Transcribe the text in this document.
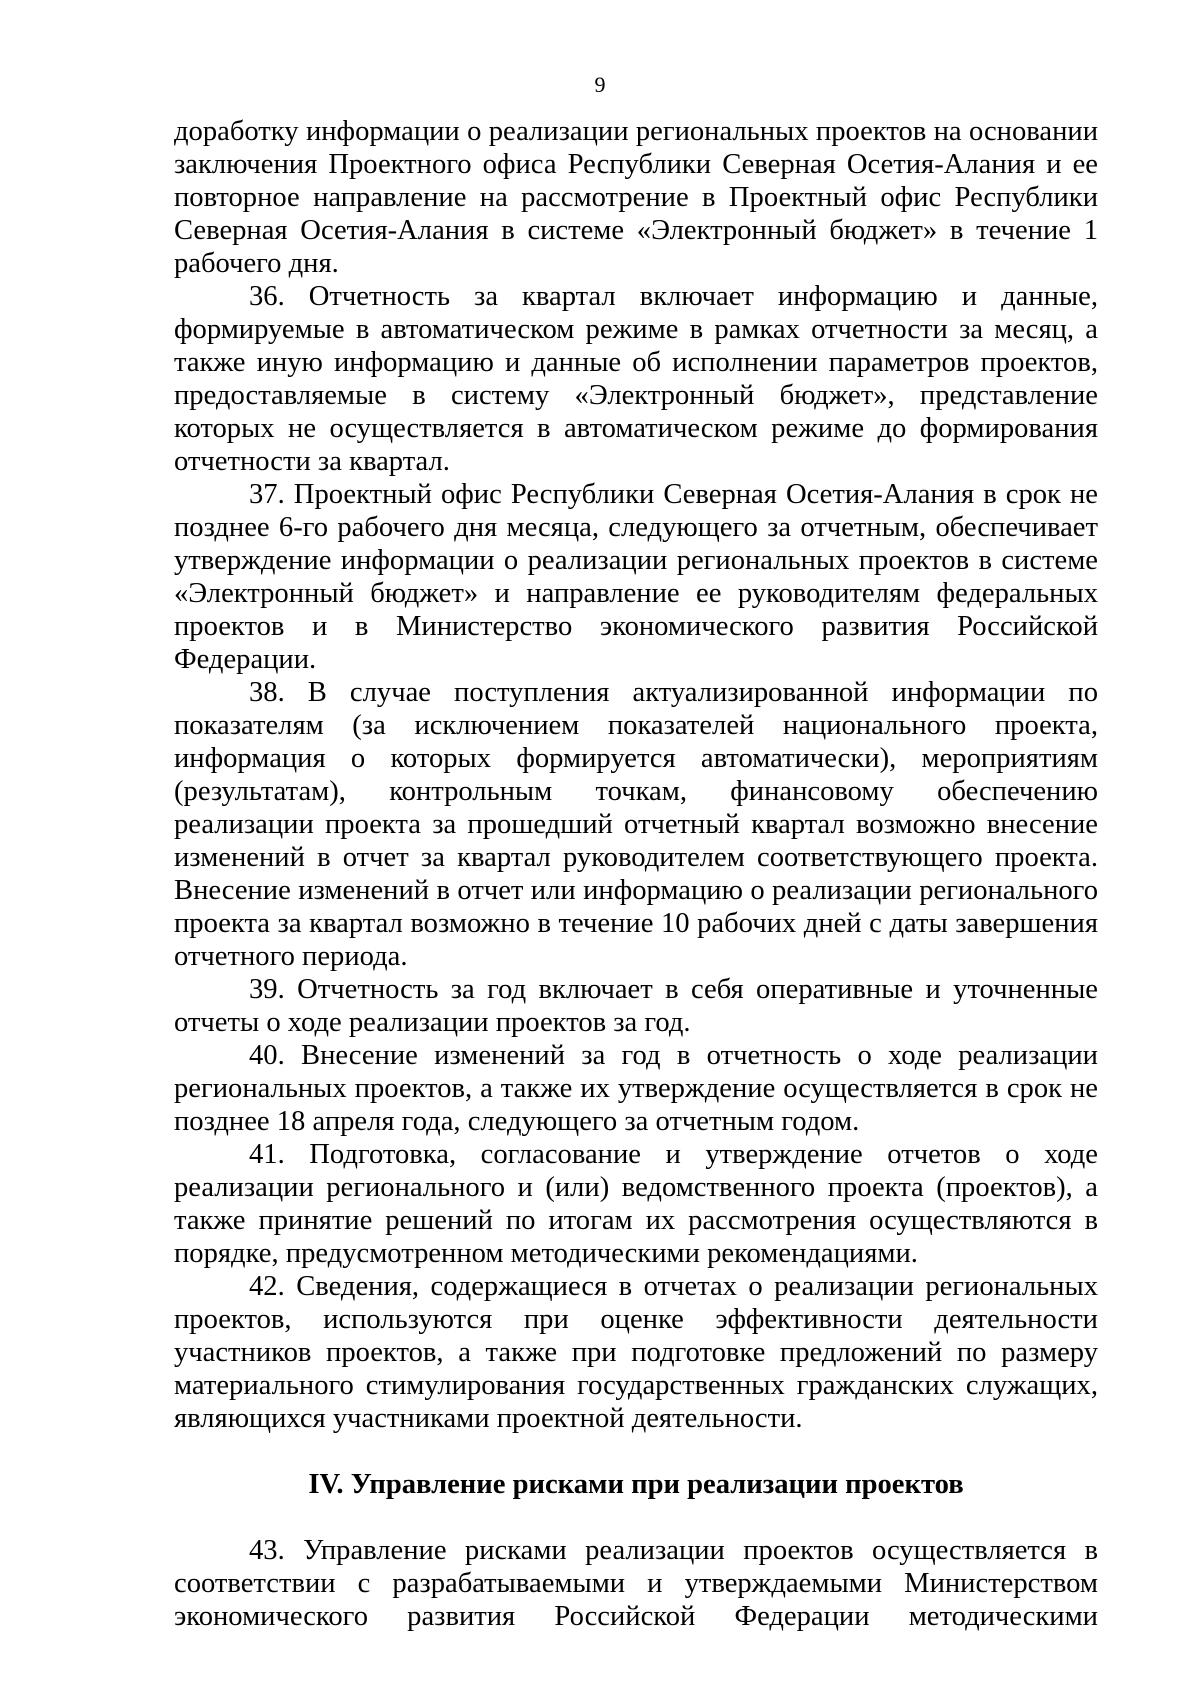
9

доработку информации о реализации региональных проектов на основании заключения Проектного офиса Республики Северная Осетия-Алания и ее повторное направление на рассмотрение в Проектный офис Республики Северная Осетия-Алания в системе «Электронный бюджет» в течение 1 рабочего дня.

36. Отчетность за квартал включает информацию и данные, формируемые в автоматическом режиме в рамках отчетности за месяц, а также иную информацию и данные об исполнении параметров проектов, предоставляемые в систему «Электронный бюджет», представление которых не осуществляется в автоматическом режиме до формирования отчетности за квартал.

37. Проектный офис Республики Северная Осетия-Алания в срок не позднее 6-го рабочего дня месяца, следующего за отчетным, обеспечивает утверждение информации о реализации региональных проектов в системе «Электронный бюджет» и направление ее руководителям федеральных проектов и в Министерство экономического развития Российской Федерации.

38. В случае поступления актуализированной информации по показателям (за исключением показателей национального проекта, информация о которых формируется автоматически), мероприятиям (результатам), контрольным точкам, финансовому обеспечению реализации проекта за прошедший отчетный квартал возможно внесение изменений в отчет за квартал руководителем соответствующего проекта. Внесение изменений в отчет или информацию о реализации регионального проекта за квартал возможно в течение 10 рабочих дней с даты завершения отчетного периода.

39. Отчетность за год включает в себя оперативные и уточненные отчеты о ходе реализации проектов за год.

40. Внесение изменений за год в отчетность о ходе реализации региональных проектов, а также их утверждение осуществляется в срок не позднее 18 апреля года, следующего за отчетным годом.

41. Подготовка, согласование и утверждение отчетов о ходе реализации регионального и (или) ведомственного проекта (проектов), а также принятие решений по итогам их рассмотрения осуществляются в порядке, предусмотренном методическими рекомендациями.

42. Сведения, содержащиеся в отчетах о реализации региональных проектов, используются при оценке эффективности деятельности участников проектов, а также при подготовке предложений по размеру материального стимулирования государственных гражданских служащих, являющихся участниками проектной деятельности.

IV. Управление рисками при реализации проектов

43. Управление рисками реализации проектов осуществляется в соответствии с разрабатываемыми и утверждаемыми Министерством экономического развития Российской Федерации методическими
